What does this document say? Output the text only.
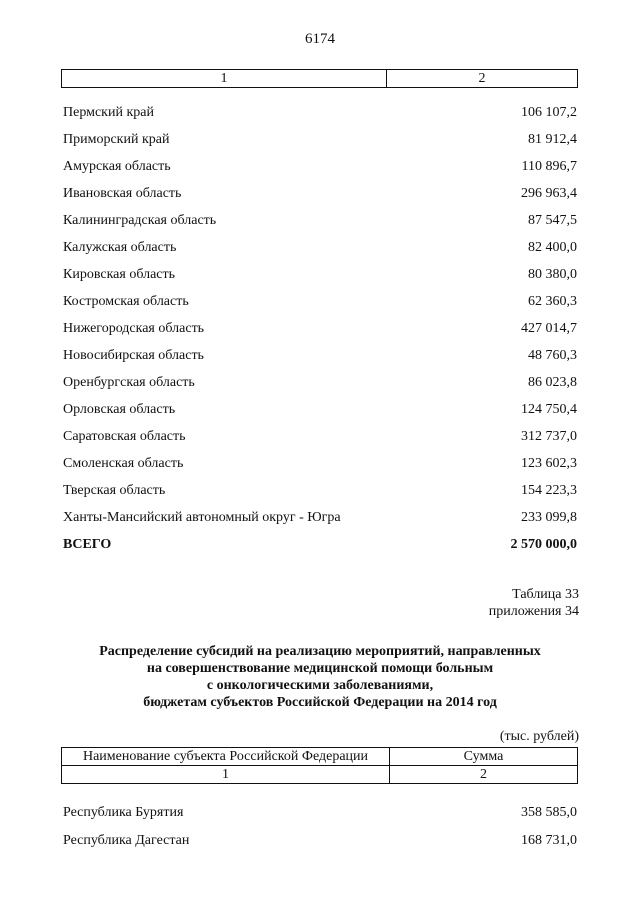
6174
1	2
Пермский край	106 107,2
Приморский край	81 912,4
Амурская область	110 896,7
Ивановская область	296 963,4
Калининградская область	87 547,5
Калужская область	82 400,0
Кировская область	80 380,0
Костромская область	62 360,3
Нижегородская область	427 014,7
Новосибирская область	48 760,3
Оренбургская область	86 023,8
Орловская область	124 750,4
Саратовская область	312 737,0
Смоленская область	123 602,3
Тверская область	154 223,3
Ханты-Мансийский автономный округ - Югра	233 099,8
ВСЕГО	2 570 000,0
Таблица 33
приложения 34
Распределение субсидий на реализацию мероприятий, направленных
на совершенствование медицинской помощи больным
с онкологическими заболеваниями,
бюджетам субъектов Российской Федерации на 2014 год
(тыс. рублей)
Наименование субъекта Российской Федерации	Сумма
1	2
Республика Бурятия	358 585,0
Республика Дагестан	168 731,0
